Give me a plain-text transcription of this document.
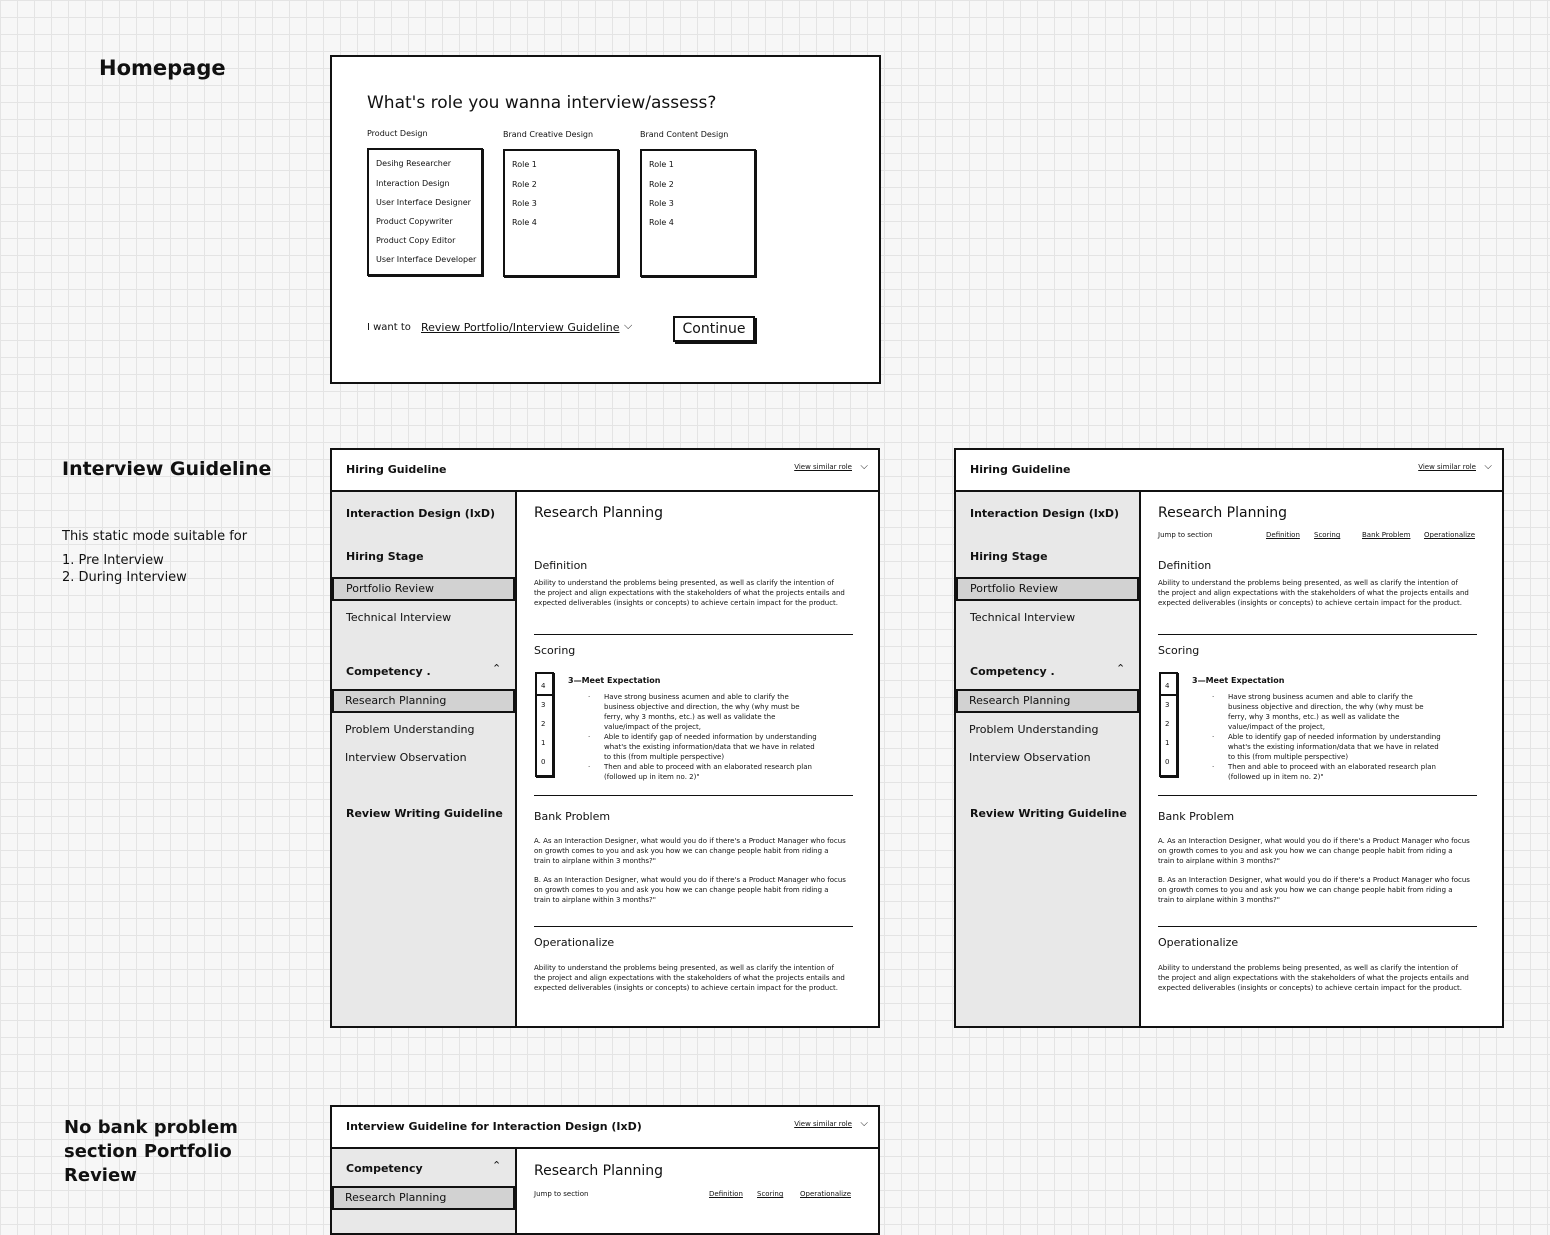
Homepage
Interview Guideline
This static mode suitable for
1. Pre Interview
2. During Interview
No bank problem
section Portfolio
Review
What's role you wanna interview/assess?
Product Design
Desihg Researcher
Interaction Design
User Interface Designer
Product Copywriter
Product Copy Editor
User Interface Developer
Brand Creative Design
Role 1
Role 2
Role 3
Role 4
Brand Content Design
Role 1
Role 2
Role 3
Role 4
I want to Review Portfolio/Interview Guideline ⌵	Continue
Hiring Guideline	View similar role ⌵
Interaction Design (IxD)
Hiring Stage
Portfolio Review
Technical Interview
Competency .	⌃
Research Planning
Problem Understanding
Interview Observation
Review Writing Guideline
Research Planning
Definition
Ability to understand the problems being presented, as well as clarify the intention of the project and align expectations with the stakeholders of what the projects entails and expected deliverables (insights or concepts) to achieve certain impact for the product.
Scoring
4
3
2
1
0
3—Meet Expectation
· Have strong business acumen and able to clarify the business objective and direction, the why (why must be ferry, why 3 months, etc.) as well as validate the value/impact of the project,
· Able to identify gap of needed information by understanding what's the existing information/data that we have in related to this (from multiple perspective)
· Then and able to proceed with an elaborated research plan (followed up in item no. 2)"
Bank Problem
A. As an Interaction Designer, what would you do if there's a Product Manager who focus on growth comes to you and ask you how we can change people habit from riding a train to airplane within 3 months?"
B. As an Interaction Designer, what would you do if there's a Product Manager who focus on growth comes to you and ask you how we can change people habit from riding a train to airplane within 3 months?"
Operationalize
Ability to understand the problems being presented, as well as clarify the intention of the project and align expectations with the stakeholders of what the projects entails and expected deliverables (insights or concepts) to achieve certain impact for the product.
Hiring Guideline	View similar role ⌵
Interaction Design (IxD)
Hiring Stage
Portfolio Review
Technical Interview
Competency .	⌃
Research Planning
Problem Understanding
Interview Observation
Review Writing Guideline
Research Planning
Jump to section	Definition Scoring	Bank Problem Operationalize
Definition
Ability to understand the problems being presented, as well as clarify the intention of the project and align expectations with the stakeholders of what the projects entails and expected deliverables (insights or concepts) to achieve certain impact for the product.
Scoring
4
3
2
1
0
3—Meet Expectation
· Have strong business acumen and able to clarify the business objective and direction, the why (why must be ferry, why 3 months, etc.) as well as validate the value/impact of the project,
· Able to identify gap of needed information by understanding what's the existing information/data that we have in related to this (from multiple perspective)
· Then and able to proceed with an elaborated research plan (followed up in item no. 2)"
Bank Problem
A. As an Interaction Designer, what would you do if there's a Product Manager who focus on growth comes to you and ask you how we can change people habit from riding a train to airplane within 3 months?"
B. As an Interaction Designer, what would you do if there's a Product Manager who focus on growth comes to you and ask you how we can change people habit from riding a train to airplane within 3 months?"
Operationalize
Ability to understand the problems being presented, as well as clarify the intention of the project and align expectations with the stakeholders of what the projects entails and expected deliverables (insights or concepts) to achieve certain impact for the product.
Interview Guideline for Interaction Design (IxD)	View similar role ⌵
Competency	⌃
Research Planning
Research Planning
Jump to section	Definition Scoring Operationalize
